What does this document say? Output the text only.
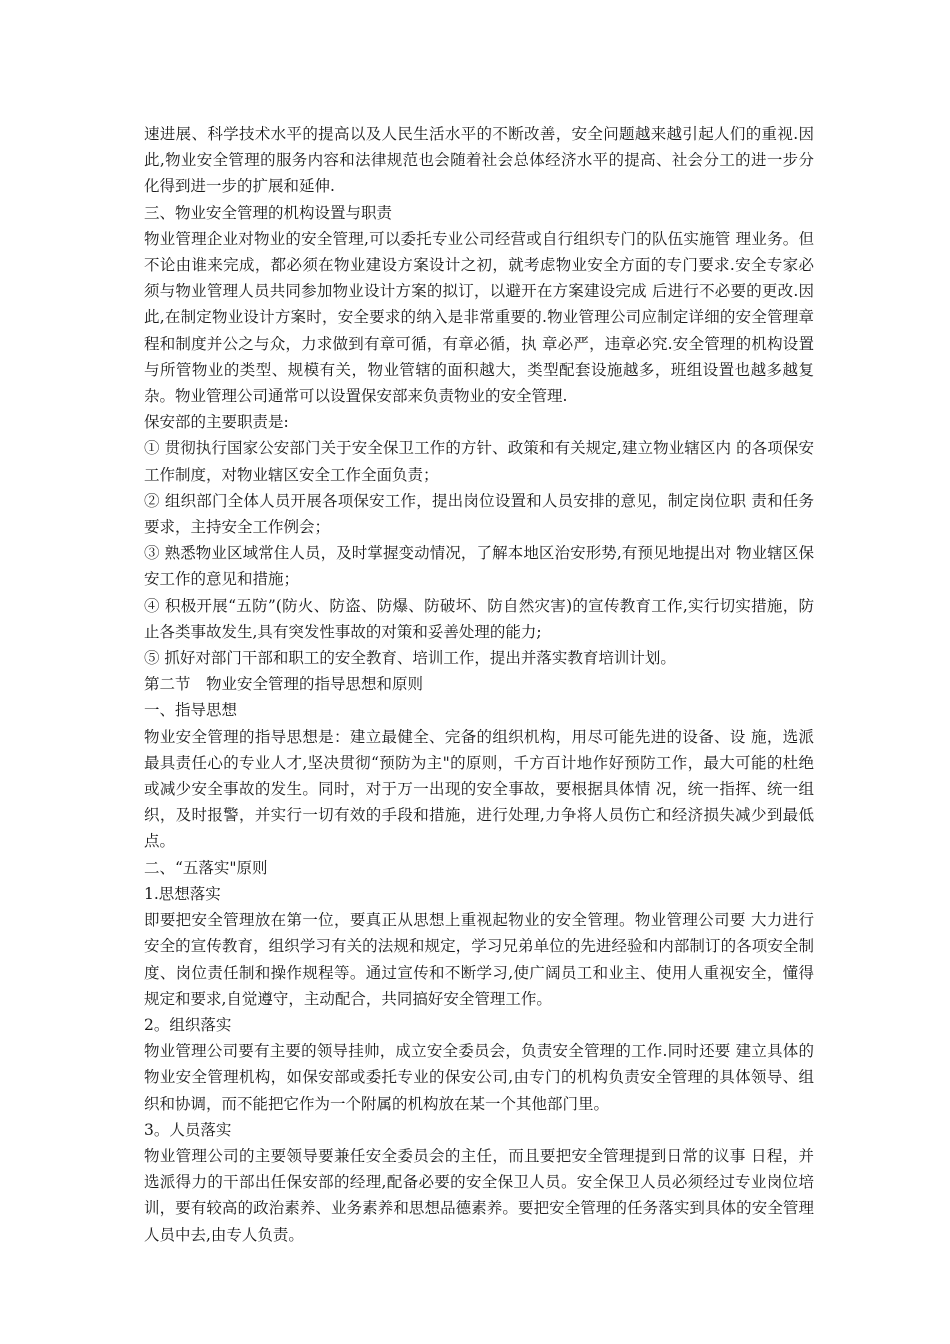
速进展、科学技术水平的提高以及人民生活水平的不断改善，安全问题越来越引起人们的重视.因此,物业安全管理的服务内容和法律规范也会随着社会总体经济水平的提高、社会分工的进一步分化得到进一步的扩展和延伸.

三、物业安全管理的机构设置与职责

物业管理企业对物业的安全管理,可以委托专业公司经营或自行组织专门的队伍实施管 理业务。但不论由谁来完成，都必须在物业建设方案设计之初，就考虑物业安全方面的专门要求.安全专家必须与物业管理人员共同参加物业设计方案的拟订，以避开在方案建设完成 后进行不必要的更改.因此,在制定物业设计方案时，安全要求的纳入是非常重要的.物业管理公司应制定详细的安全管理章程和制度并公之与众，力求做到有章可循，有章必循，执 章必严，违章必究.安全管理的机构设置与所管物业的类型、规模有关，物业管辖的面积越大，类型配套设施越多，班组设置也越多越复杂。物业管理公司通常可以设置保安部来负责物业的安全管理.

保安部的主要职责是:

① 贯彻执行国家公安部门关于安全保卫工作的方针、政策和有关规定,建立物业辖区内 的各项保安工作制度，对物业辖区安全工作全面负责；

② 组织部门全体人员开展各项保安工作，提出岗位设置和人员安排的意见，制定岗位职 责和任务要求，主持安全工作例会；

③ 熟悉物业区域常住人员，及时掌握变动情况，了解本地区治安形势,有预见地提出对 物业辖区保安工作的意见和措施；

④ 积极开展“五防”(防火、防盗、防爆、防破坏、防自然灾害)的宣传教育工作,实行切实措施，防止各类事故发生,具有突发性事故的对策和妥善处理的能力;

⑤ 抓好对部门干部和职工的安全教育、培训工作，提出并落实教育培训计划。

第二节　物业安全管理的指导思想和原则

一、指导思想

物业安全管理的指导思想是：建立最健全、完备的组织机构，用尽可能先进的设备、设 施，选派最具责任心的专业人才,坚决贯彻“预防为主"的原则，千方百计地作好预防工作，最大可能的杜绝或减少安全事故的发生。同时，对于万一出现的安全事故，要根据具体情 况，统一指挥、统一组织，及时报警，并实行一切有效的手段和措施，进行处理,力争将人员伤亡和经济损失减少到最低点。

二、“五落实"原则

1.思想落实

即要把安全管理放在第一位，要真正从思想上重视起物业的安全管理。物业管理公司要 大力进行安全的宣传教育，组织学习有关的法规和规定，学习兄弟单位的先进经验和内部制订的各项安全制度、岗位责任制和操作规程等。通过宣传和不断学习,使广阔员工和业主、使用人重视安全，懂得规定和要求,自觉遵守，主动配合，共同搞好安全管理工作。

2。组织落实

物业管理公司要有主要的领导挂帅，成立安全委员会，负责安全管理的工作.同时还要 建立具体的物业安全管理机构，如保安部或委托专业的保安公司,由专门的机构负责安全管理的具体领导、组织和协调，而不能把它作为一个附属的机构放在某一个其他部门里。

3。人员落实

物业管理公司的主要领导要兼任安全委员会的主任，而且要把安全管理提到日常的议事 日程，并选派得力的干部出任保安部的经理,配备必要的安全保卫人员。安全保卫人员必须经过专业岗位培训，要有较高的政治素养、业务素养和思想品德素养。要把安全管理的任务落实到具体的安全管理人员中去,由专人负责。
